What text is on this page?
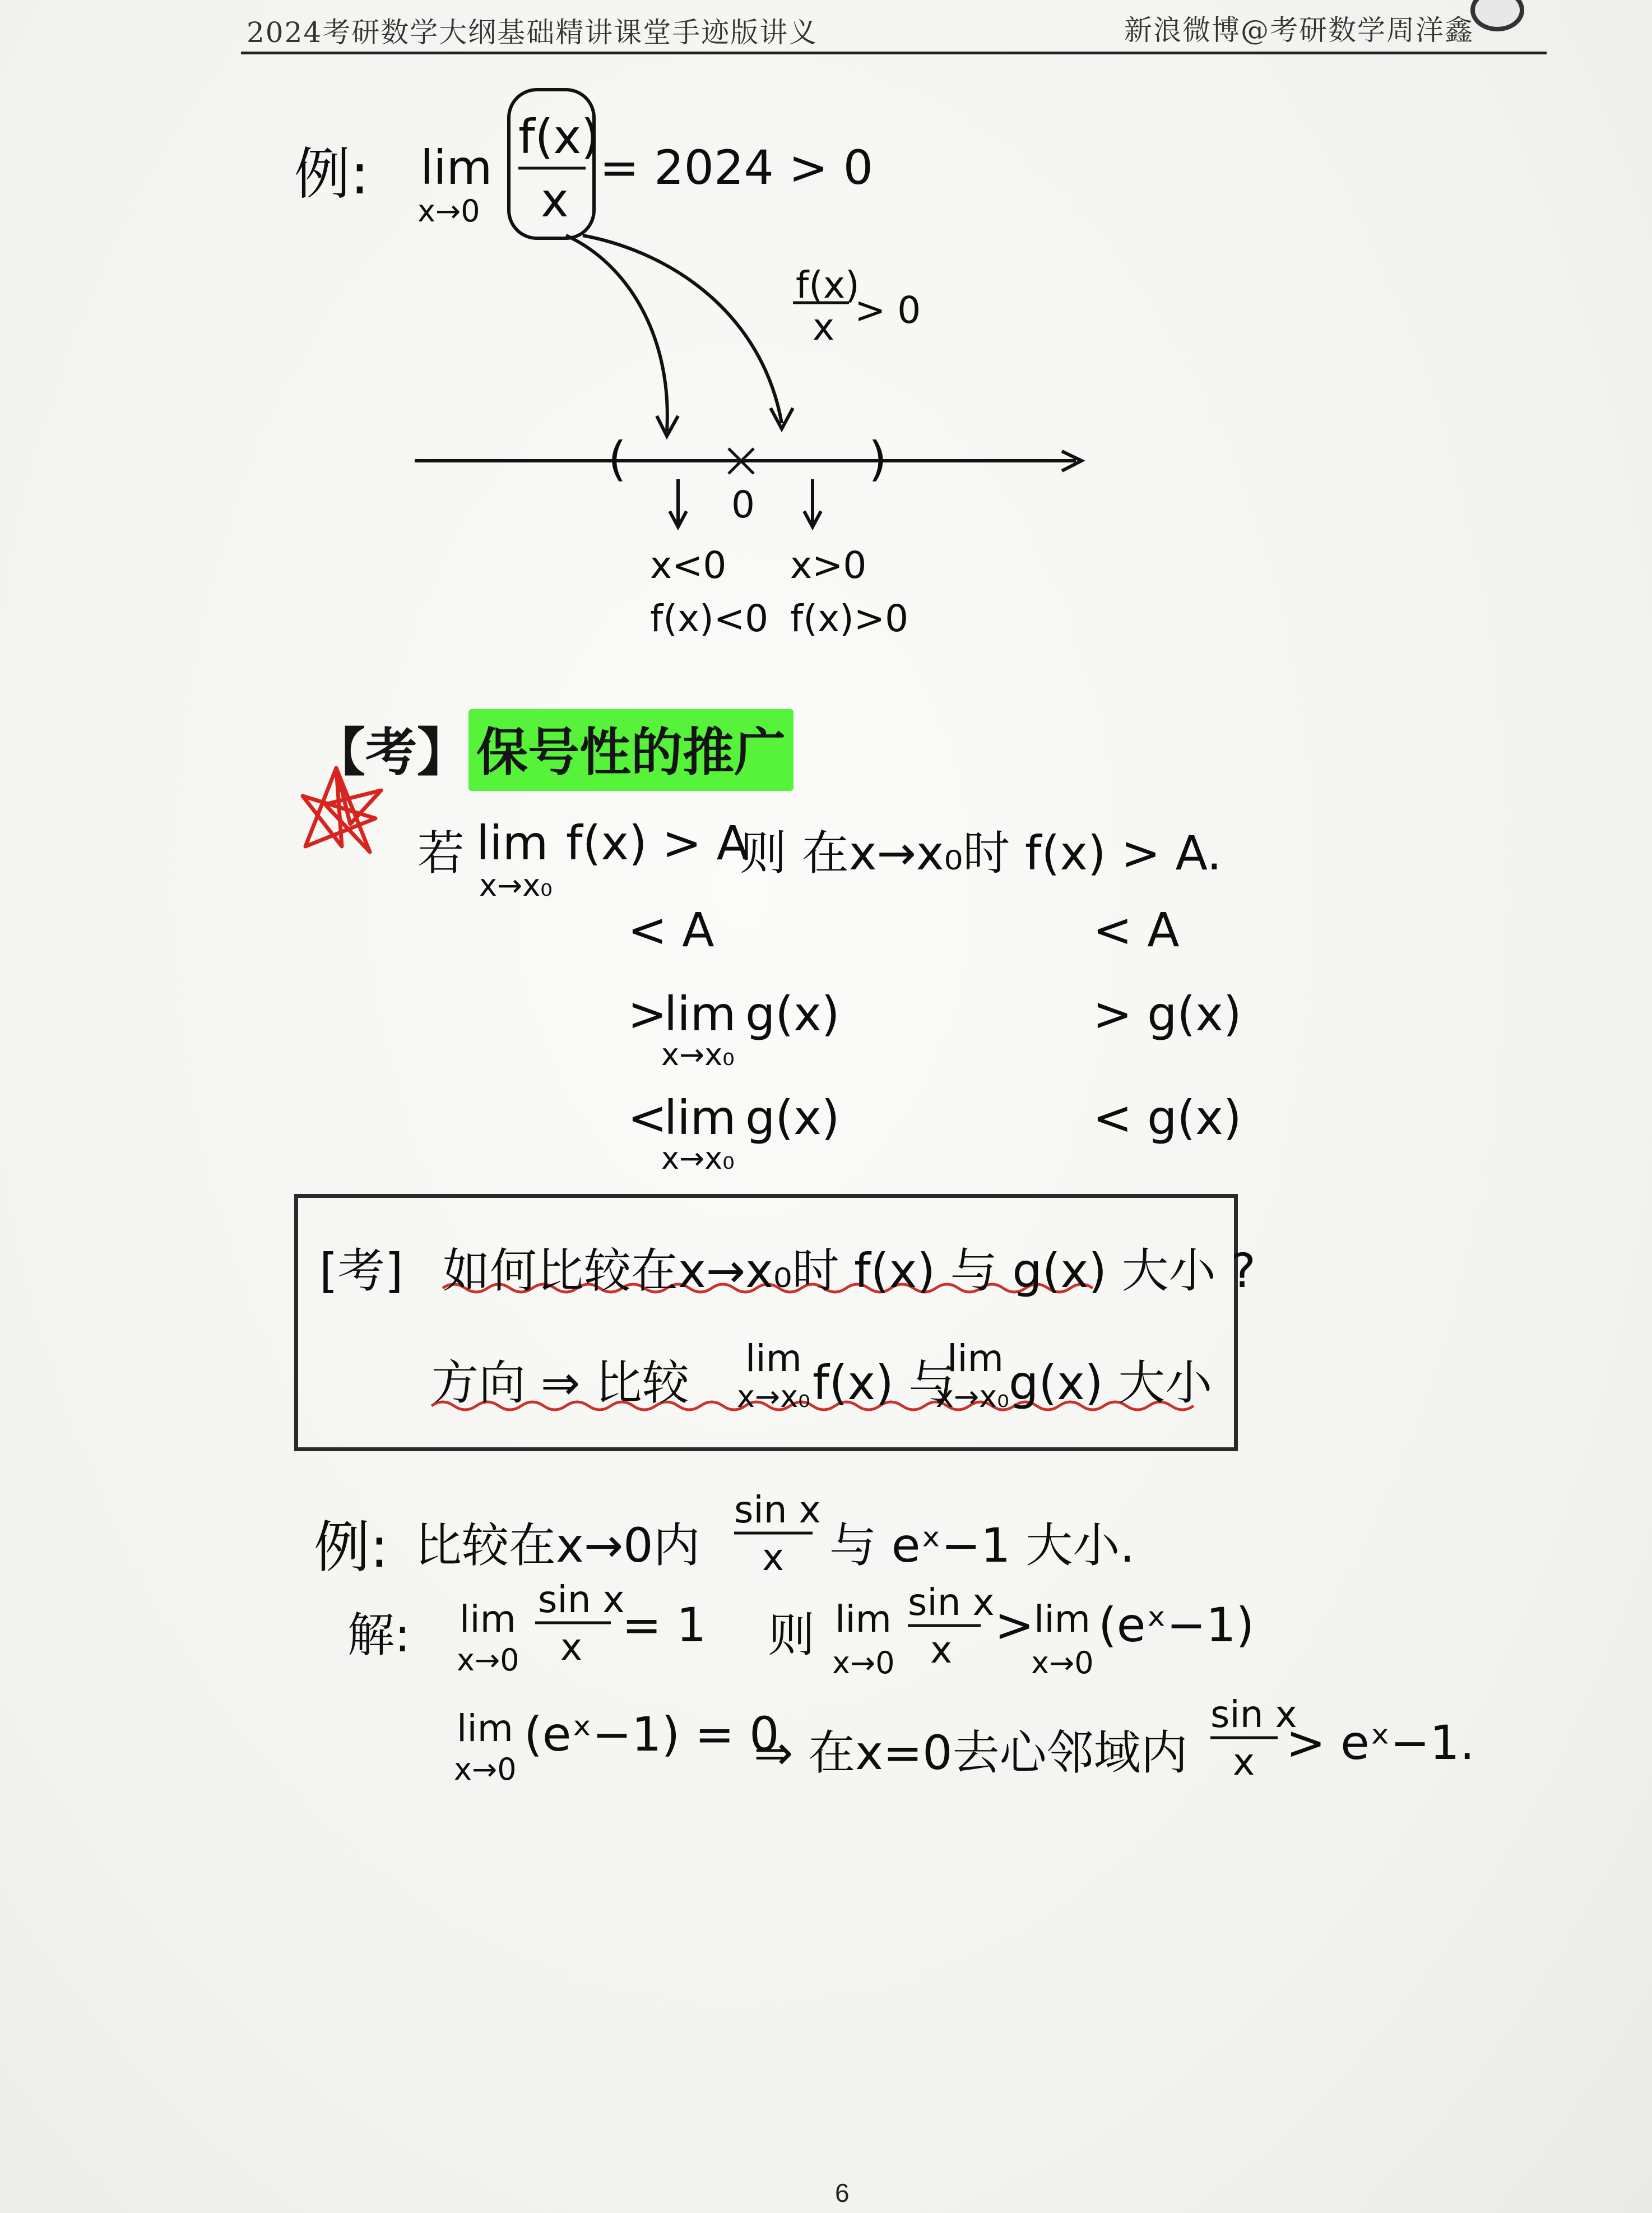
2024考研数学大纲基础精讲课堂手迹版讲义	新浪微博@考研数学周洋鑫
例: lim
x→0
f(x)
x
= 2024 > 0
f(x)
x > 0
(	)
0
x<0
f(x)<0
x>0
f(x)>0
【考】 保号性的推广
若 lim
x→x₀
f(x) > A
则 在x→x₀时 f(x) > A.
< A	< A
>
lim
x→x₀
g(x)	> g(x)
<
lim
x→x₀
g(x)	< g(x)
[考] 如何比较在x→x₀时 f(x) 与 g(x) 大小 ?
方向 ⇒ 比较 lim
x→x₀ f(x) 与
lim
x→x₀ g(x) 大小
例: 比较在x→0内
sin x
x 与 eˣ−1 大小.
解: lim
x→0
sin x
x = 1 则 lim
x→0
sin x
x > lim
x→0
(eˣ−1)
lim
x→0
(eˣ−1) = 0
⇒ 在x=0去心邻域内
sin x
x > eˣ−1.
6
